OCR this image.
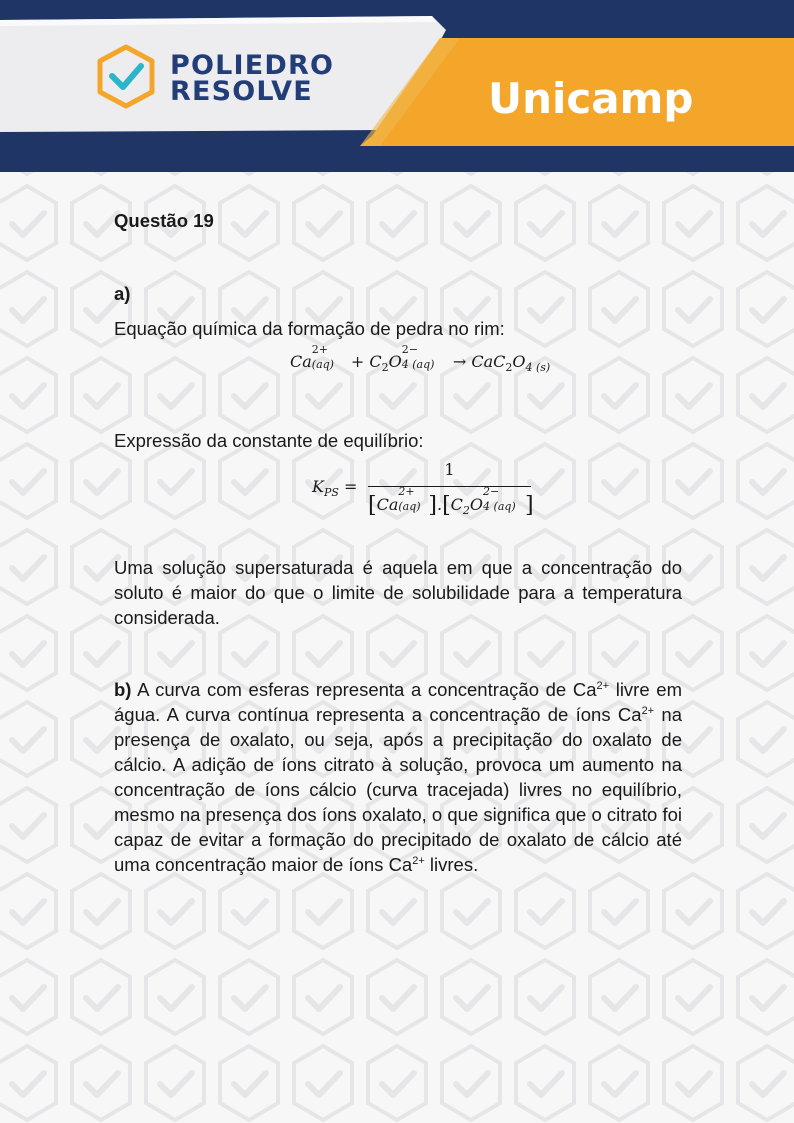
POLIEDRO
RESOLVE	Unicamp
Questão 19
a)
Equação química da formação de pedra no rim:
Ca
2+
$(aq) + C_2O$
2−
4 $(aq) \to CaC_2O_{4 (s)}$
Expressão da constante de equilíbrio:
$K_{PS}$ =
1
[Ca
2+
(aq) ]$.[C_2O$
2−
4 (aq) ]
Uma solução supersaturada é aquela em que a concentração do soluto é maior do que o limite de solubilidade para a temperatura considerada.
b) A curva com esferas representa a concentração de $Ca^{2+}$ livre em água. A curva contínua representa a concentração de íons $Ca^{2+}$ na presença de oxalato, ou seja, após a precipitação do oxalato de cálcio. A adição de íons citrato à solução, provoca um aumento na concentração de íons cálcio (curva tracejada) livres no equilíbrio, mesmo na presença dos íons oxalato, o que significa que o citrato foi capaz de evitar a formação do precipitado de oxalato de cálcio até uma concentração maior de íons $Ca^{2+}$ livres.
